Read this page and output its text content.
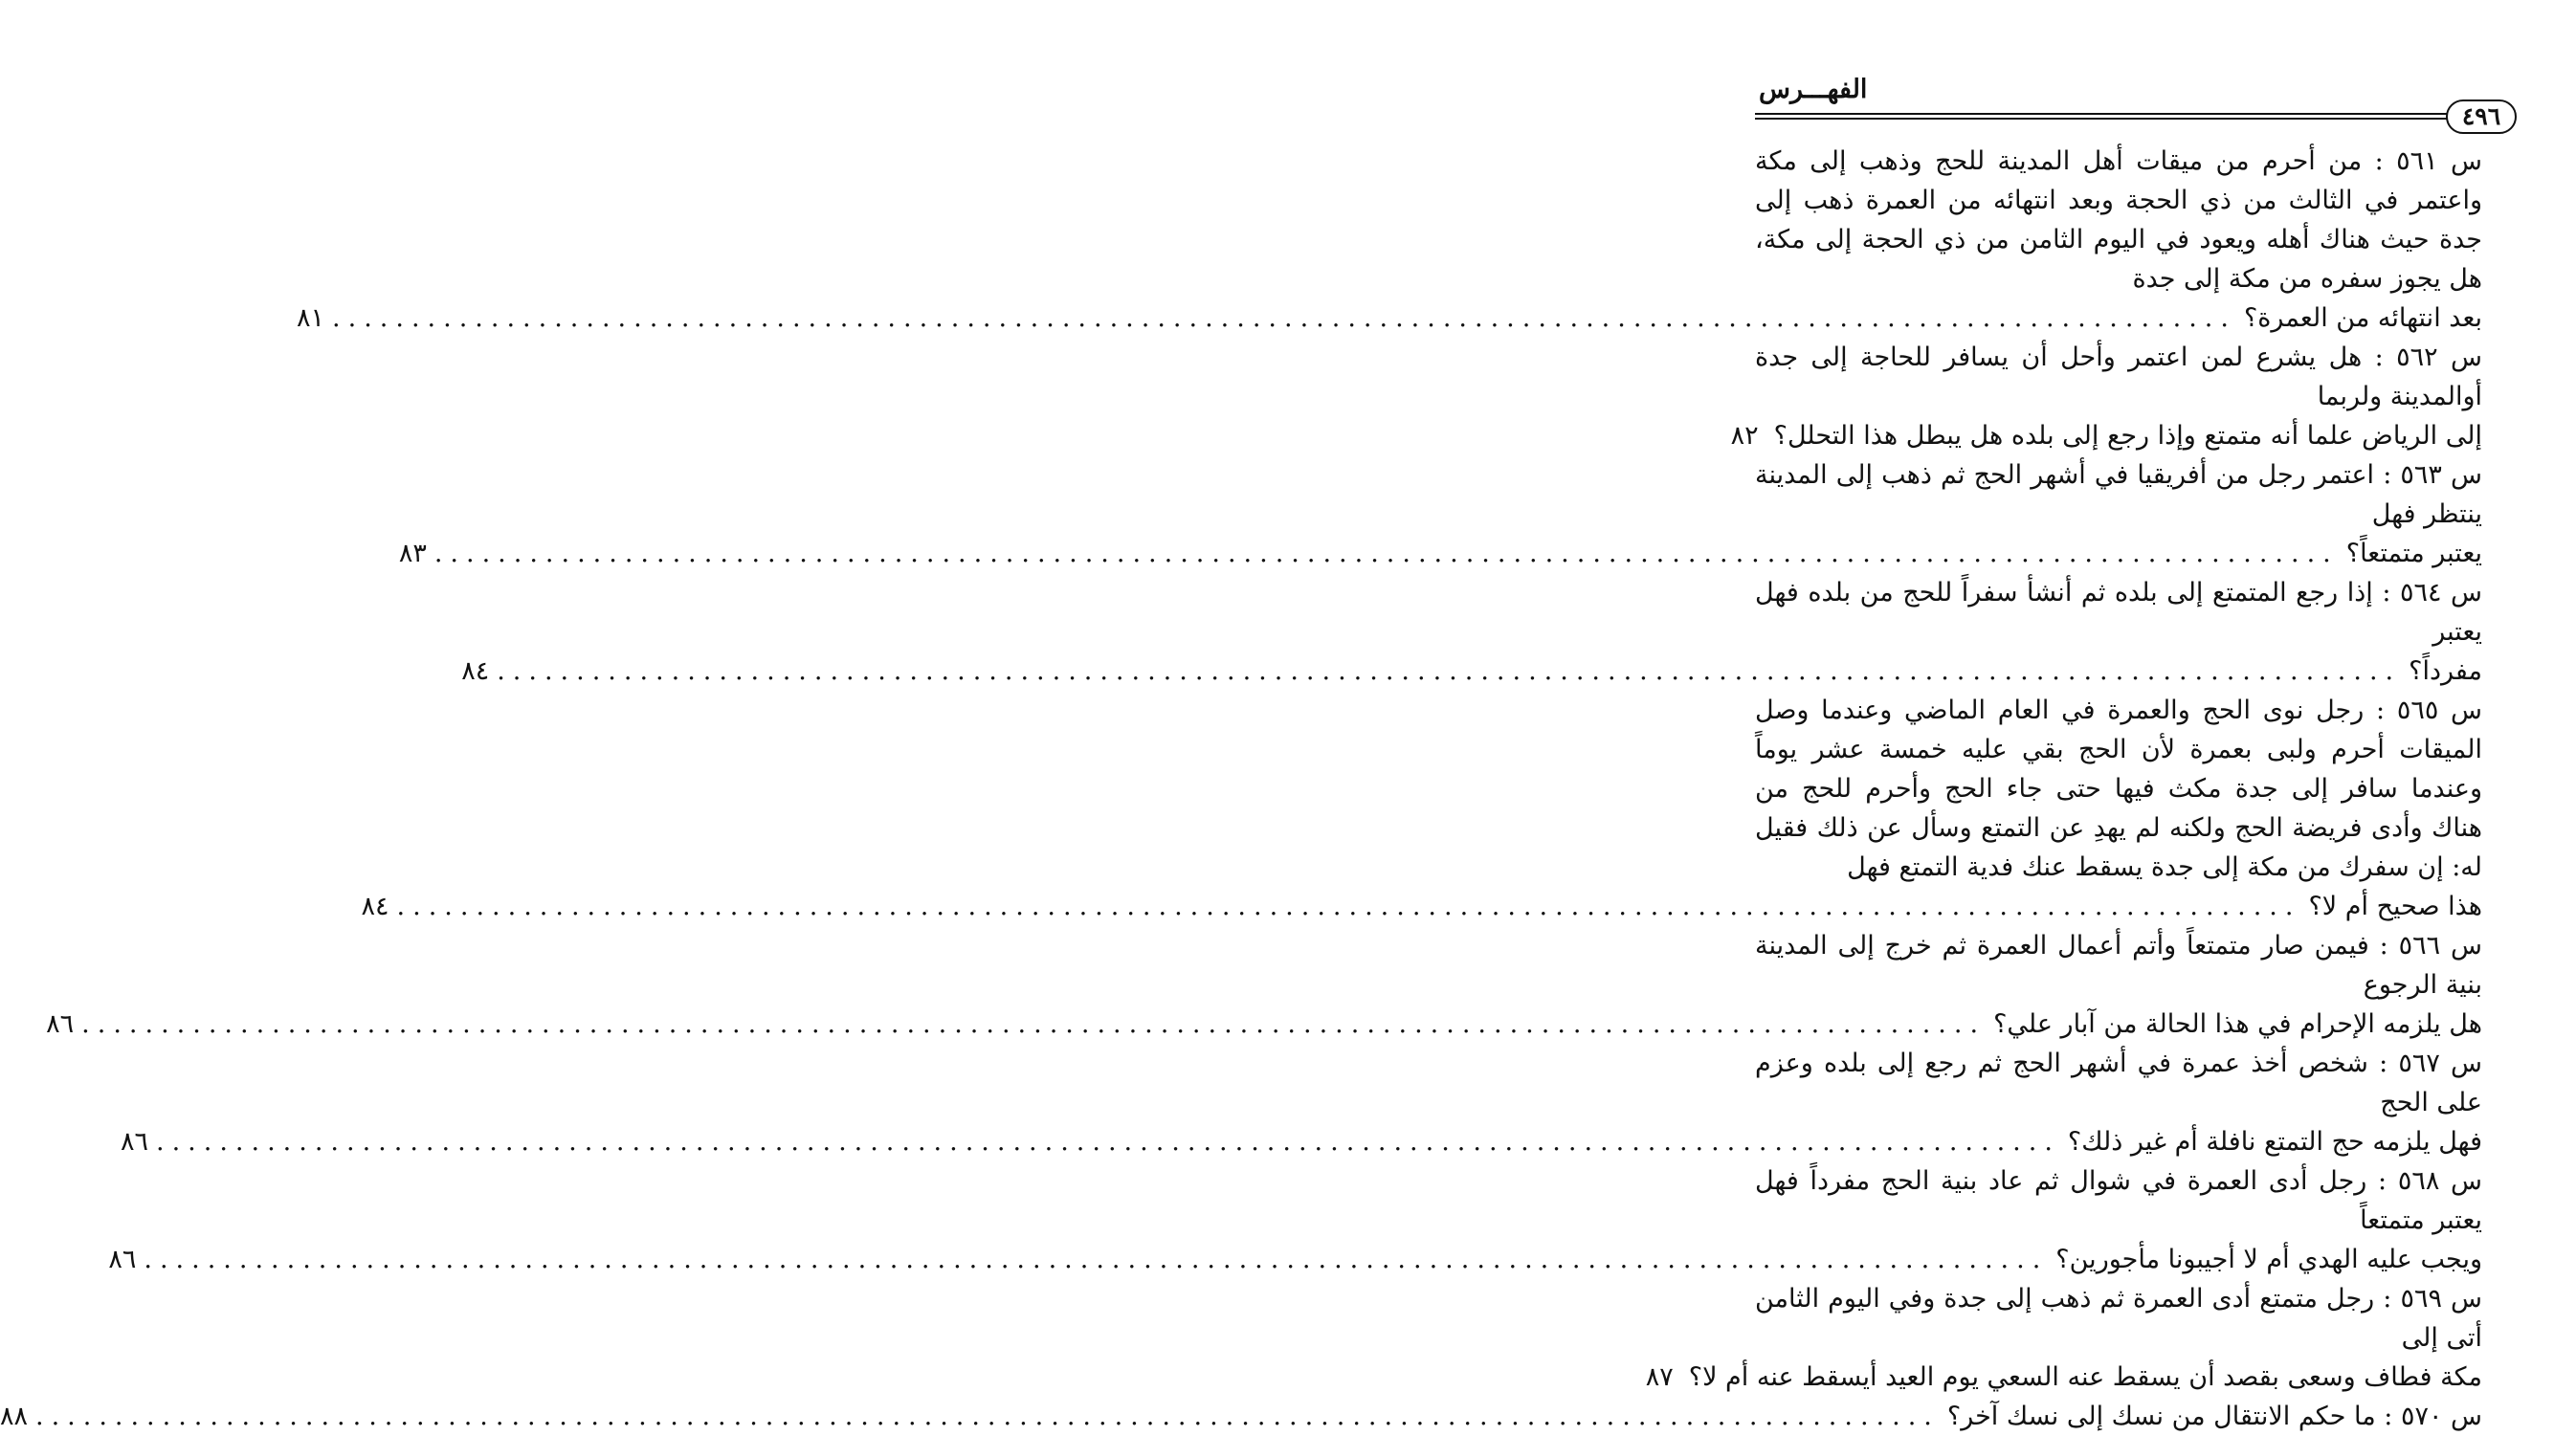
الفهـــرس
٤٩٦
س ٥٦١ : من أحرم من ميقات أهل المدينة للحج وذهب إلى مكة واعتمر في الثالث من ذي الحجة وبعد انتهائه من العمرة ذهب إلى جدة حيث هناك أهله ويعود في اليوم الثامن من ذي الحجة إلى مكة، هل يجوز سفره من مكة إلى جدة
بعد انتهائه من العمرة؟
........................................................................................................................
٨١
س ٥٦٢ : هل يشرع لمن اعتمر وأحل أن يسافر للحاجة إلى جدة أوالمدينة ولربما
إلى الرياض علما أنه متمتع وإذا رجع إلى بلده هل يبطل هذا التحلل؟
٨٢
س ٥٦٣ : اعتمر رجل من أفريقيا في أشهر الحج ثم ذهب إلى المدينة ينتظر فهل
يعتبر متمتعاً؟
........................................................................................................................
٨٣
س ٥٦٤ : إذا رجع المتمتع إلى بلده ثم أنشأ سفراً للحج من بلده فهل يعتبر
مفرداً؟
........................................................................................................................
٨٤
س ٥٦٥ : رجل نوى الحج والعمرة في العام الماضي وعندما وصل الميقات أحرم ولبى بعمرة لأن الحج بقي عليه خمسة عشر يوماً وعندما سافر إلى جدة مكث فيها حتى جاء الحج وأحرم للحج من هناك وأدى فريضة الحج ولكنه لم يهدِ عن التمتع وسأل عن ذلك فقيل له: إن سفرك من مكة إلى جدة يسقط عنك فدية التمتع فهل
هذا صحيح أم لا؟
........................................................................................................................
٨٤
س ٥٦٦ : فيمن صار متمتعاً وأتم أعمال العمرة ثم خرج إلى المدينة بنية الرجوع
هل يلزمه الإحرام في هذا الحالة من آبار علي؟
........................................................................................................................
٨٦
س ٥٦٧ : شخص أخذ عمرة في أشهر الحج ثم رجع إلى بلده وعزم على الحج
فهل يلزمه حج التمتع نافلة أم غير ذلك؟
........................................................................................................................
٨٦
س ٥٦٨ : رجل أدى العمرة في شوال ثم عاد بنية الحج مفرداً فهل يعتبر متمتعاً
ويجب عليه الهدي أم لا أجيبونا مأجورين؟
........................................................................................................................
٨٦
س ٥٦٩ : رجل متمتع أدى العمرة ثم ذهب إلى جدة وفي اليوم الثامن أتى إلى
مكة فطاف وسعى بقصد أن يسقط عنه السعي يوم العيد أيسقط عنه أم لا؟
٨٧
س ٥٧٠ : ما حكم الانتقال من نسك إلى نسك آخر؟
........................................................................................................................
٨٨
